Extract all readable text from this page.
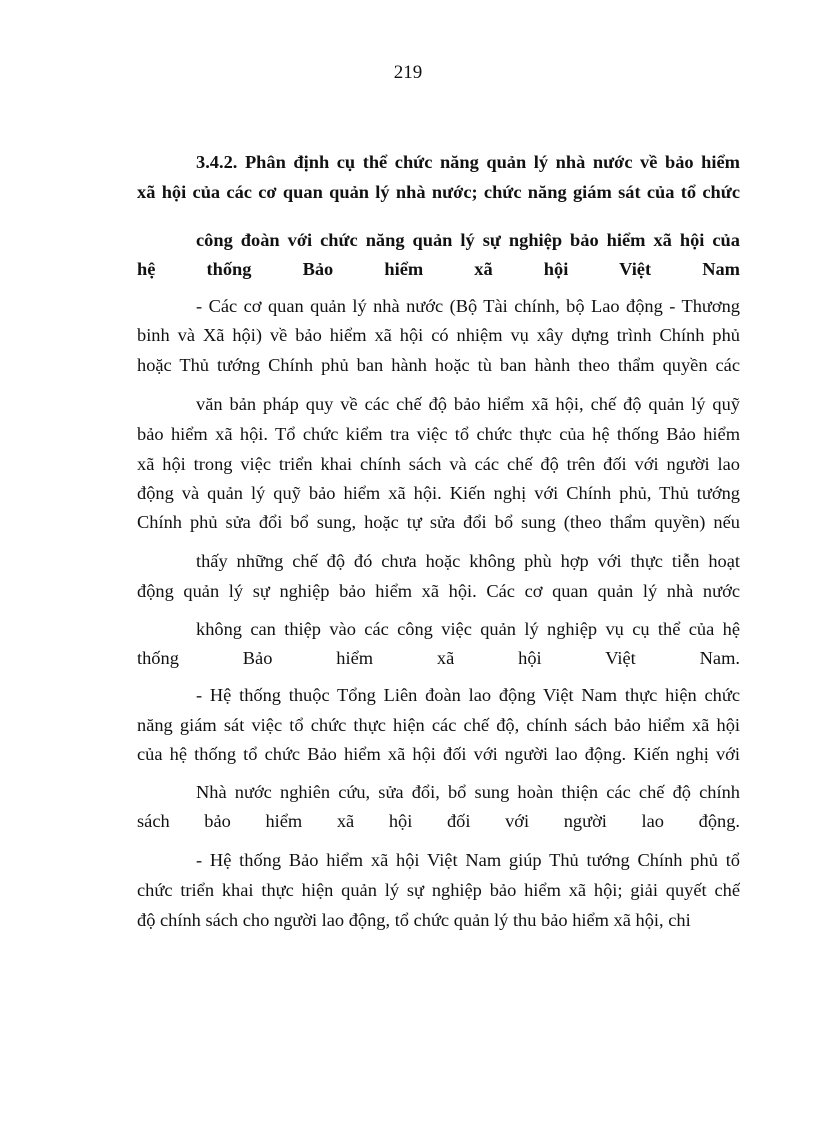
219
3.4.2. Phân định cụ thể chức năng quản lý nhà nước về bảo hiểm
xã hội của các cơ quan quản lý nhà nước; chức năng giám sát của tổ chức
công đoàn với chức năng quản lý sự nghiệp bảo hiểm xã hội của
hệ thống Bảo hiểm xã hội Việt Nam
- Các cơ quan quản lý nhà nước (Bộ Tài chính, bộ Lao động - Thương
binh và Xã hội) về bảo hiểm xã hội có nhiệm vụ xây dựng trình Chính phủ
hoặc Thủ tướng Chính phủ ban hành hoặc tù ban hành theo thẩm quyền các
văn bản pháp quy về các chế độ bảo hiểm xã hội, chế độ quản lý quỹ
bảo hiểm xã hội. Tổ chức kiểm tra việc tổ chức thực của hệ thống Bảo hiểm
xã hội trong việc triển khai chính sách và các chế độ trên đối với người lao
động và quản lý quỹ bảo hiểm xã hội. Kiến nghị với Chính phủ, Thủ tướng
Chính phủ sửa đổi bổ sung, hoặc tự sửa đổi bổ sung (theo thẩm quyền) nếu
thấy những chế độ đó chưa hoặc không phù hợp với thực tiễn hoạt
động quản lý sự nghiệp bảo hiểm xã hội. Các cơ quan quản lý nhà nước
không can thiệp vào các công việc quản lý nghiệp vụ cụ thể của hệ
thống Bảo hiểm xã hội Việt Nam.
- Hệ thống thuộc Tổng Liên đoàn lao động Việt Nam thực hiện chức
năng giám sát việc tổ chức thực hiện các chế độ, chính sách bảo hiểm xã hội
của hệ thống tổ chức Bảo hiểm xã hội đối với người lao động. Kiến nghị với
Nhà nước nghiên cứu, sửa đổi, bổ sung hoàn thiện các chế độ chính
sách bảo hiểm xã hội đối với người lao động.
- Hệ thống Bảo hiểm xã hội Việt Nam giúp Thủ tướng Chính phủ tổ
chức triển khai thực hiện quản lý sự nghiệp bảo hiểm xã hội; giải quyết chế
độ chính sách cho người lao động, tổ chức quản lý thu bảo hiểm xã hội, chi
